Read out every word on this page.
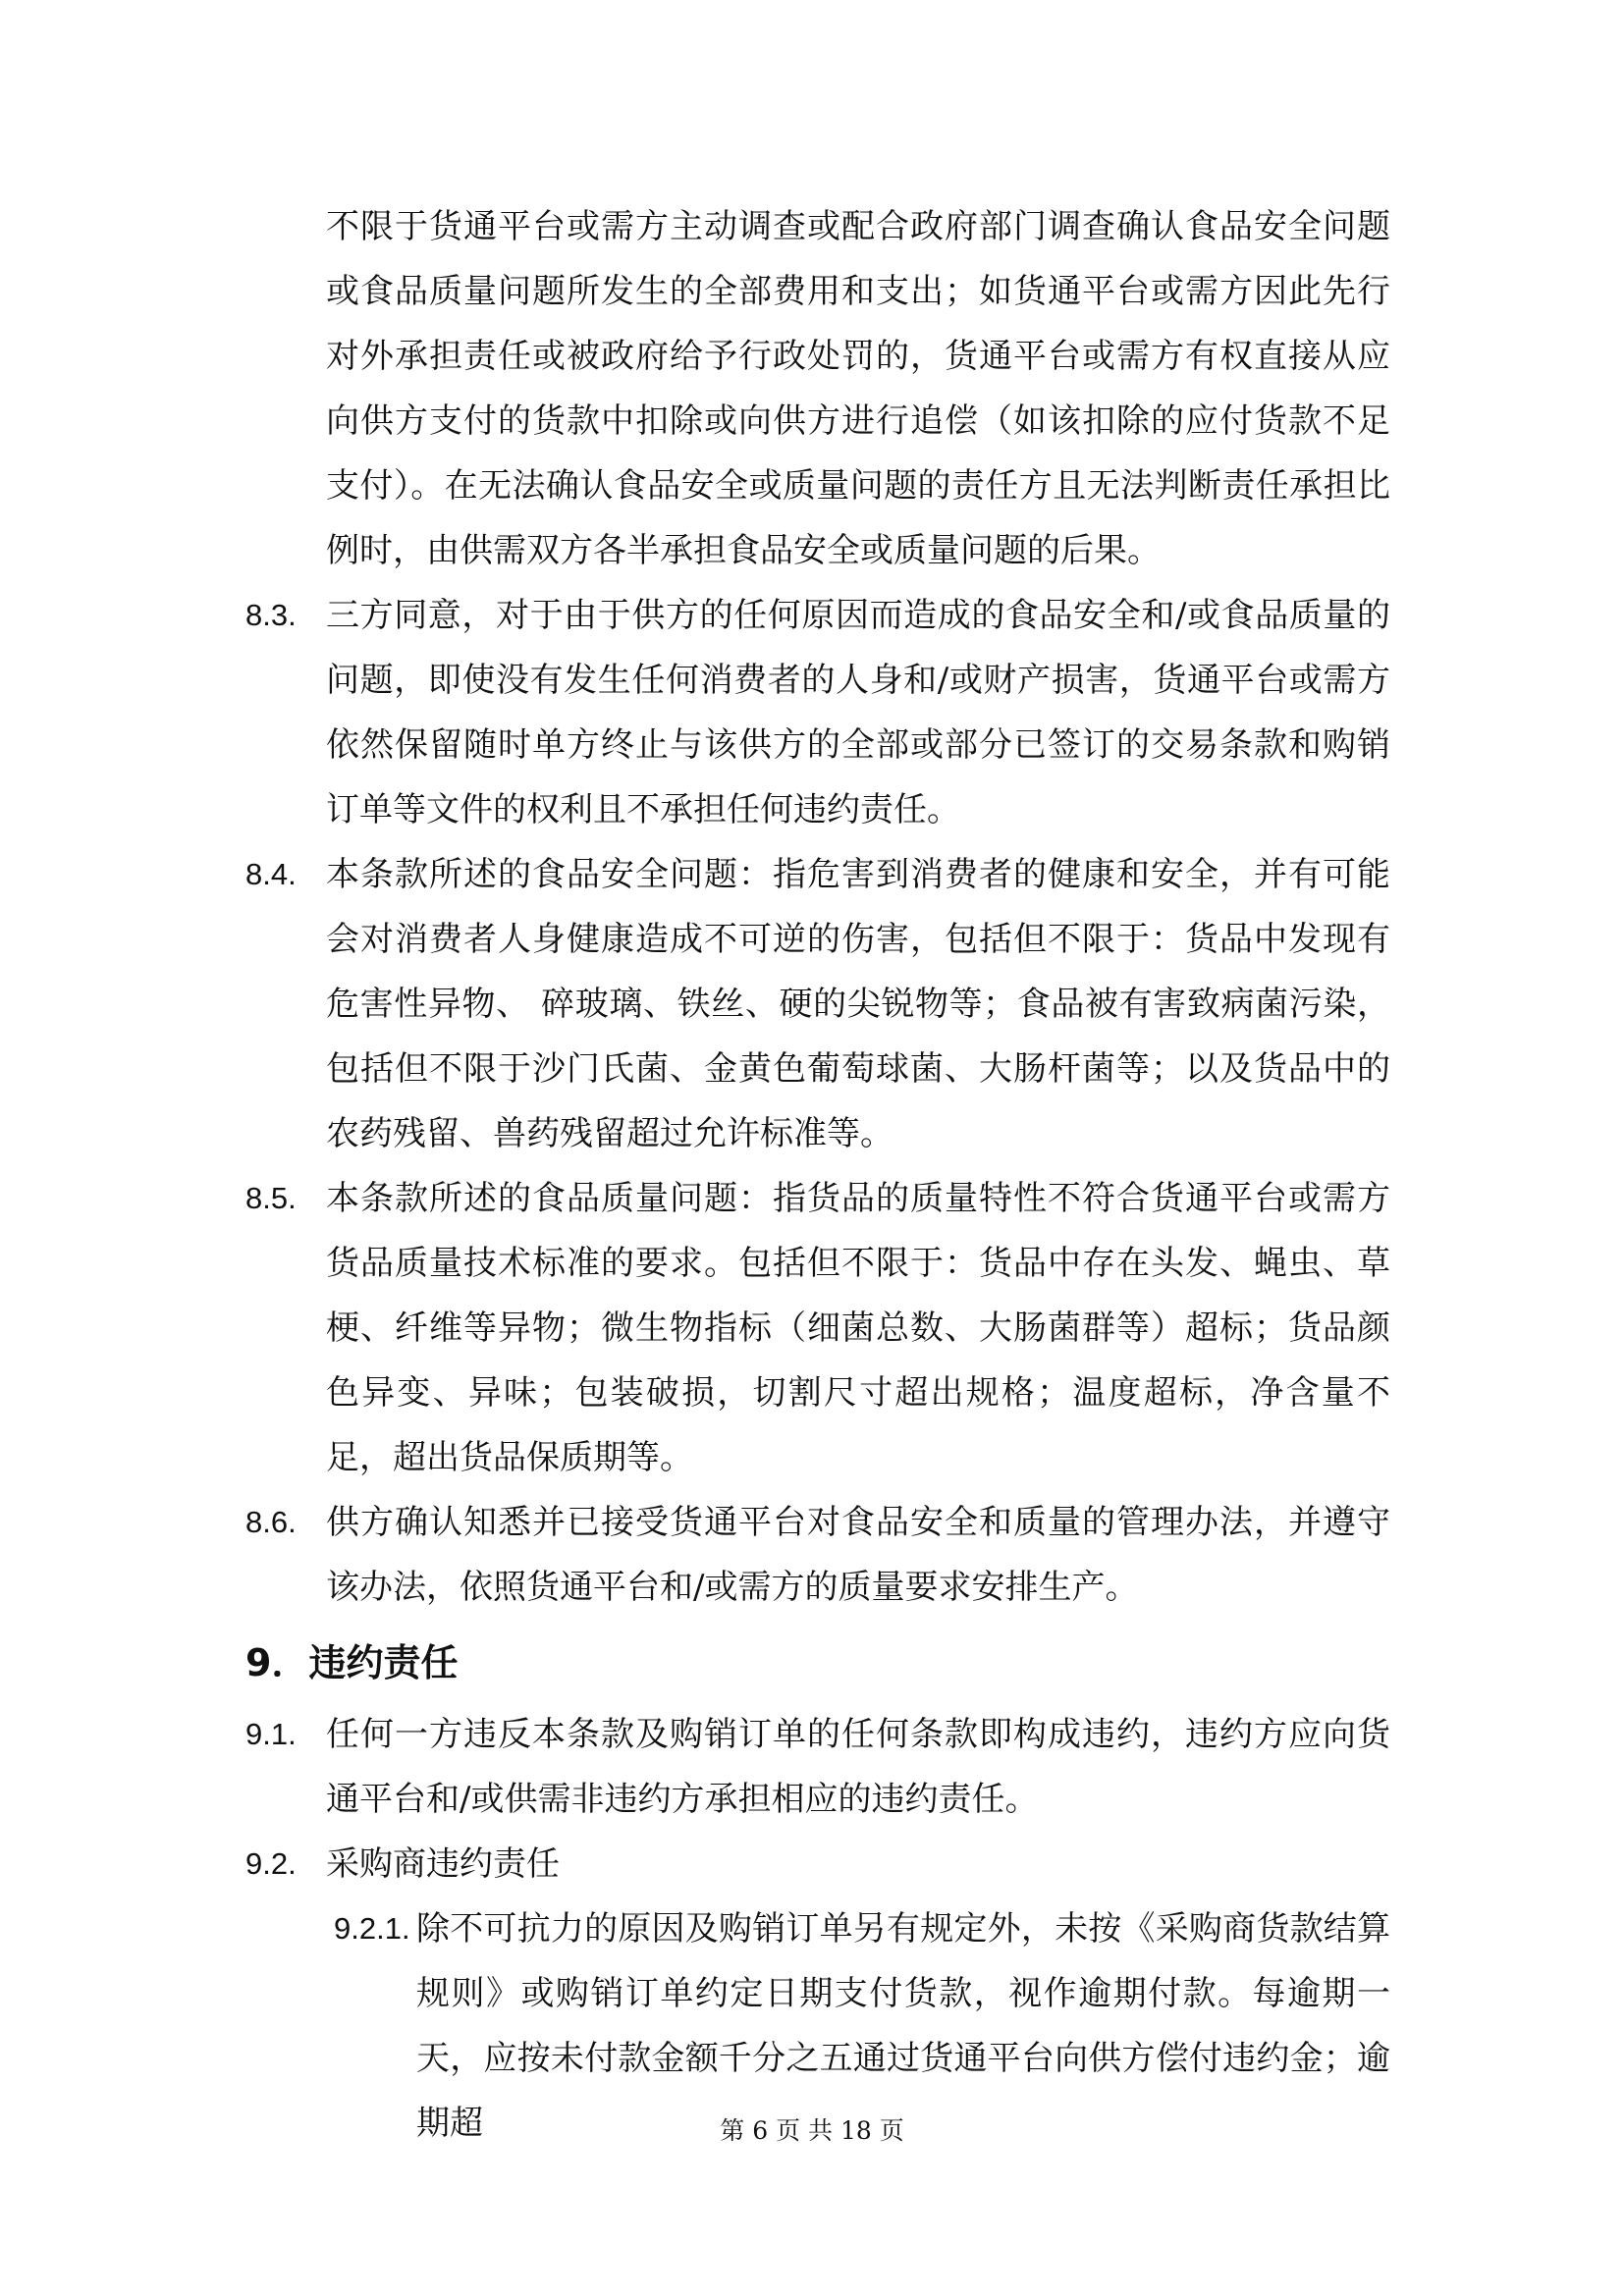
不限于货通平台或需方主动调查或配合政府部门调查确认食品安全问题或食品质量问题所发生的全部费用和支出；如货通平台或需方因此先行对外承担责任或被政府给予行政处罚的，货通平台或需方有权直接从应向供方支付的货款中扣除或向供方进行追偿（如该扣除的应付货款不足支付）。在无法确认食品安全或质量问题的责任方且无法判断责任承担比例时，由供需双方各半承担食品安全或质量问题的后果。
8.3. 三方同意，对于由于供方的任何原因而造成的食品安全和/或食品质量的问题，即使没有发生任何消费者的人身和/或财产损害，货通平台或需方依然保留随时单方终止与该供方的全部或部分已签订的交易条款和购销订单等文件的权利且不承担任何违约责任。
8.4. 本条款所述的食品安全问题：指危害到消费者的健康和安全，并有可能会对消费者人身健康造成不可逆的伤害，包括但不限于：货品中发现有危害性异物、 碎玻璃、铁丝、硬的尖锐物等；食品被有害致病菌污染，包括但不限于沙门氏菌、金黄色葡萄球菌、大肠杆菌等；以及货品中的农药残留、兽药残留超过允许标准等。
8.5. 本条款所述的食品质量问题：指货品的质量特性不符合货通平台或需方货品质量技术标准的要求。包括但不限于：货品中存在头发、蝇虫、草梗、纤维等异物；微生物指标（细菌总数、大肠菌群等）超标；货品颜色异变、异味；包装破损，切割尺寸超出规格；温度超标，净含量不足，超出货品保质期等。
8.6. 供方确认知悉并已接受货通平台对食品安全和质量的管理办法，并遵守该办法，依照货通平台和/或需方的质量要求安排生产。
9．违约责任
9.1. 任何一方违反本条款及购销订单的任何条款即构成违约，违约方应向货通平台和/或供需非违约方承担相应的违约责任。
9.2. 采购商违约责任
9.2.1. 除不可抗力的原因及购销订单另有规定外，未按《采购商货款结算规则》或购销订单约定日期支付货款，视作逾期付款。每逾期一天，应按未付款金额千分之五通过货通平台向供方偿付违约金；逾期超	第 6 页 共 18 页
